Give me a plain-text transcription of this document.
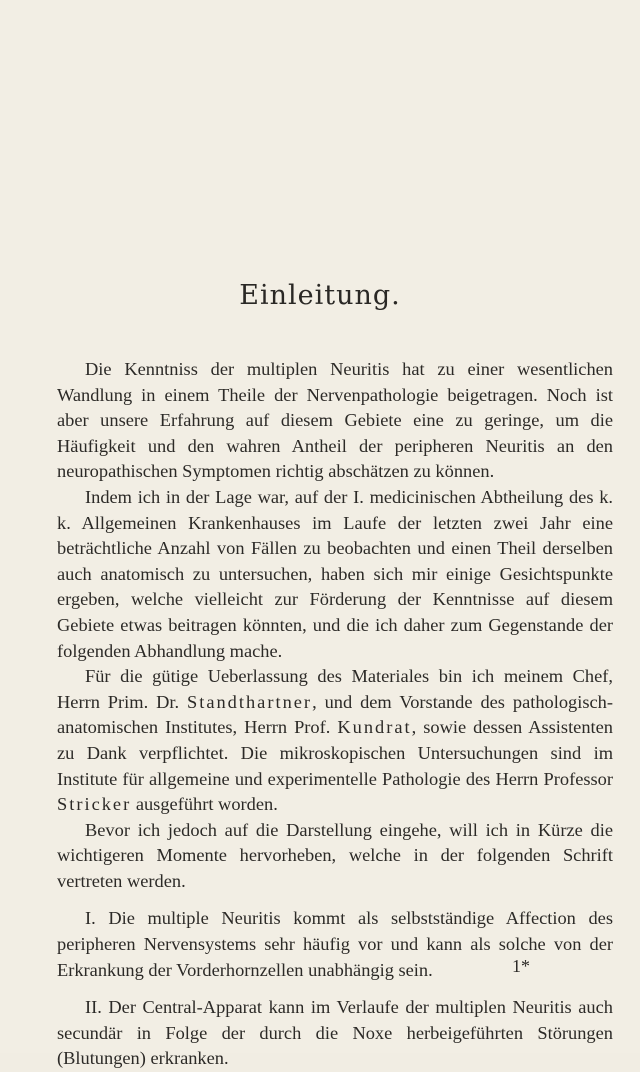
Einleitung.

Die Kenntniss der multiplen Neuritis hat zu einer wesentlichen Wandlung in einem Theile der Nervenpathologie beigetragen. Noch ist aber unsere Erfahrung auf diesem Gebiete eine zu geringe, um die Häufigkeit und den wahren Antheil der peripheren Neuritis an den neuropathischen Symptomen richtig abschätzen zu können.

Indem ich in der Lage war, auf der I. medicinischen Abtheilung des k. k. Allgemeinen Krankenhauses im Laufe der letzten zwei Jahr eine beträchtliche Anzahl von Fällen zu beobachten und einen Theil derselben auch anatomisch zu untersuchen, haben sich mir einige Gesichtspunkte ergeben, welche vielleicht zur Förderung der Kenntnisse auf diesem Gebiete etwas beitragen könnten, und die ich daher zum Gegenstande der folgenden Abhandlung mache.

Für die gütige Ueberlassung des Materiales bin ich meinem Chef, Herrn Prim. Dr. Standthartner, und dem Vorstande des pathologisch-anatomischen Institutes, Herrn Prof. Kundrat, sowie dessen Assistenten zu Dank verpflichtet. Die mikroskopischen Untersuchungen sind im Institute für allgemeine und experimentelle Pathologie des Herrn Professor Stricker ausgeführt worden.

Bevor ich jedoch auf die Darstellung eingehe, will ich in Kürze die wichtigeren Momente hervorheben, welche in der folgenden Schrift vertreten werden.

I. Die multiple Neuritis kommt als selbstständige Affection des peripheren Nervensystems sehr häufig vor und kann als solche von der Erkrankung der Vorderhornzellen unabhängig sein.

II. Der Central-Apparat kann im Verlaufe der multiplen Neuritis auch secundär in Folge der durch die Noxe herbeigeführten Störungen (Blutungen) erkranken.

1*
